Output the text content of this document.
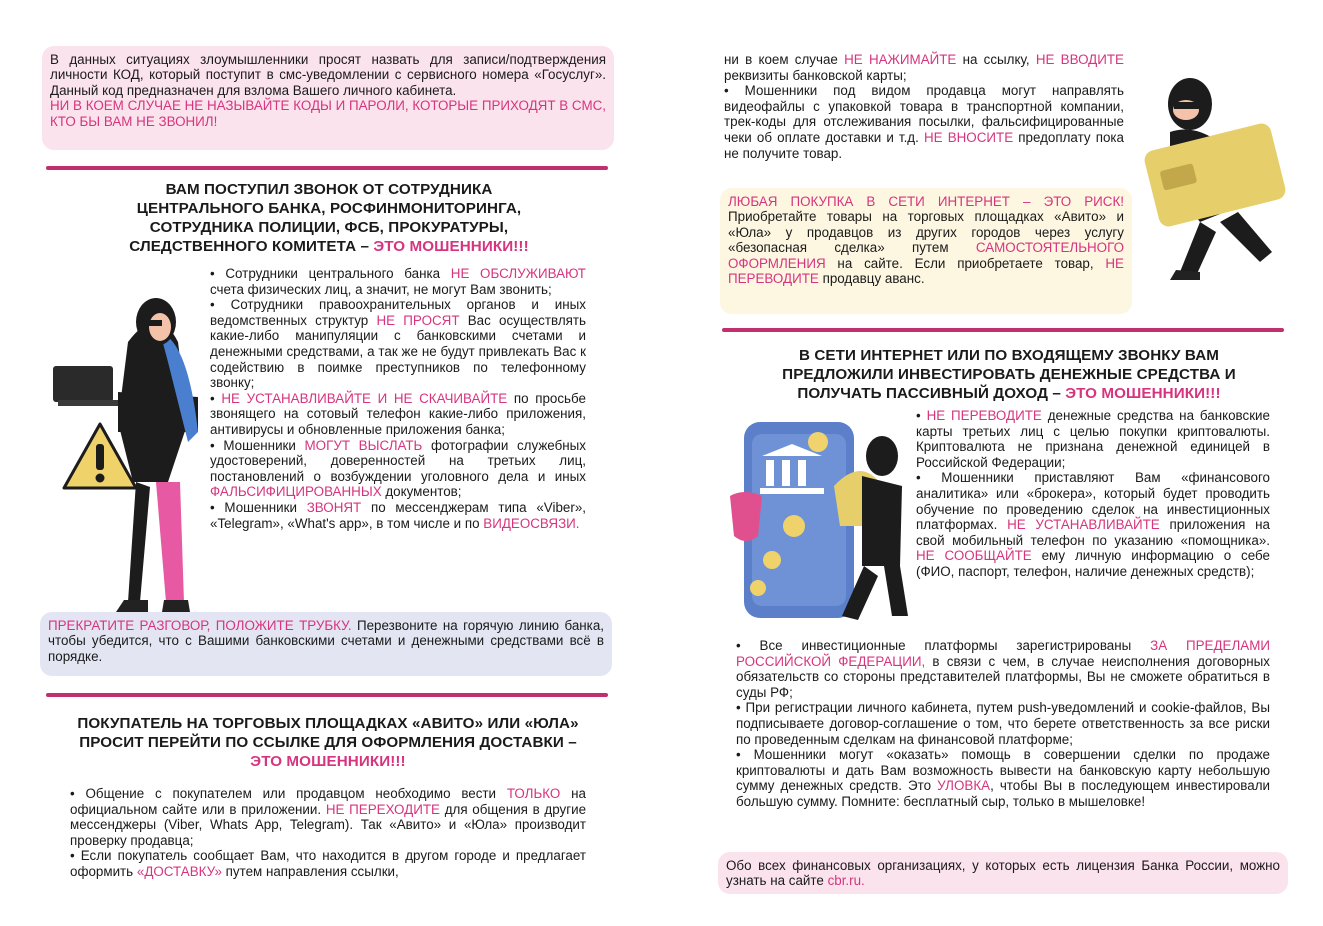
В данных ситуациях злоумышленники просят назвать для записи/подтверждения личности КОД, который поступит в смс-уведомлении с сервисного номера «Госуслуг». Данный код предназначен для взлома Вашего личного кабинета.
НИ В КОЕМ СЛУЧАЕ НЕ НАЗЫВАЙТЕ КОДЫ И ПАРОЛИ, КОТОРЫЕ ПРИХОДЯТ В СМС, КТО БЫ ВАМ НЕ ЗВОНИЛ!
ВАМ ПОСТУПИЛ ЗВОНОК ОТ СОТРУДНИКА ЦЕНТРАЛЬНОГО БАНКА, РОСФИНМОНИТОРИНГА, СОТРУДНИКА ПОЛИЦИИ, ФСБ, ПРОКУРАТУРЫ, СЛЕДСТВЕННОГО КОМИТЕТА – ЭТО МОШЕННИКИ!!!

• Сотрудники центрального банка НЕ ОБСЛУЖИВАЮТ счета физических лиц, а значит, не могут Вам звонить;

• Сотрудники правоохранительных органов и иных ведомственных структур НЕ ПРОСЯТ Вас осуществлять какие-либо манипуляции с банковскими счетами и денежными средствами, а так же не будут привлекать Вас к содействию в поимке преступников по телефонному звонку;

• НЕ УСТАНАВЛИВАЙТЕ И НЕ СКАЧИВАЙТЕ по просьбе звонящего на сотовый телефон какие-либо приложения, антивирусы и обновленные приложения банка;

• Мошенники МОГУТ ВЫСЛАТЬ фотографии служебных удостоверений, доверенностей на третьих лиц, постановлений о возбуждении уголовного дела и иных ФАЛЬСИФИЦИРОВАННЫХ документов;

• Мошенники ЗВОНЯТ по мессенджерам типа «Viber», «Telegram», «What's app», в том числе и по ВИДЕОСВЯЗИ.

ПРЕКРАТИТЕ РАЗГОВОР, ПОЛОЖИТЕ ТРУБКУ. Перезвоните на горячую линию банка, чтобы убедится, что с Вашими банковскими счетами и денежными средствами всё в порядке.
ПОКУПАТЕЛЬ НА ТОРГОВЫХ ПЛОЩАДКАХ «АВИТО» ИЛИ «ЮЛА» ПРОСИТ ПЕРЕЙТИ ПО ССЫЛКЕ ДЛЯ ОФОРМЛЕНИЯ ДОСТАВКИ – ЭТО МОШЕННИКИ!!!

• Общение с покупателем или продавцом необходимо вести ТОЛЬКО на официальном сайте или в приложении. НЕ ПЕРЕХОДИТЕ для общения в другие мессенджеры (Viber, Whats App, Telegram). Так «Авито» и «Юла» производит проверку продавца;

• Если покупатель сообщает Вам, что находится в другом городе и предлагает оформить «ДОСТАВКУ» путем направления ссылки,

ни в коем случае НЕ НАЖИМАЙТЕ на ссылку, НЕ ВВОДИТЕ реквизиты банковской карты;

• Мошенники под видом продавца могут направлять видеофайлы с упаковкой товара в транспортной компании, трек-коды для отслеживания посылки, фальсифицированные чеки об оплате доставки и т.д. НЕ ВНОСИТЕ предоплату пока не получите товар.

ЛЮБАЯ ПОКУПКА В СЕТИ ИНТЕРНЕТ – ЭТО РИСК! Приобретайте товары на торговых площадках «Авито» и «Юла» у продавцов из других городов через услугу «безопасная сделка» путем САМОСТОЯТЕЛЬНОГО ОФОРМЛЕНИЯ на сайте. Если приобретаете товар, НЕ ПЕРЕВОДИТЕ продавцу аванс.
В СЕТИ ИНТЕРНЕТ ИЛИ ПО ВХОДЯЩЕМУ ЗВОНКУ ВАМ ПРЕДЛОЖИЛИ ИНВЕСТИРОВАТЬ ДЕНЕЖНЫЕ СРЕДСТВА И ПОЛУЧАТЬ ПАССИВНЫЙ ДОХОД – ЭТО МОШЕННИКИ!!!

• НЕ ПЕРЕВОДИТЕ денежные средства на банковские карты третьих лиц с целью покупки криптовалюты. Криптовалюта не признана денежной единицей в Российской Федерации;

• Мошенники приставляют Вам «финансового аналитика» или «брокера», который будет проводить обучение по проведению сделок на инвестиционных платформах. НЕ УСТАНАВЛИВАЙТЕ приложения на свой мобильный телефон по указанию «помощника». НЕ СООБЩАЙТЕ ему личную информацию о себе (ФИО, паспорт, телефон, наличие денежных средств);

• Все инвестиционные платформы зарегистрированы ЗА ПРЕДЕЛАМИ РОССИЙСКОЙ ФЕДЕРАЦИИ, в связи с чем, в случае неисполнения договорных обязательств со стороны представителей платформы, Вы не сможете обратиться в суды РФ;

• При регистрации личного кабинета, путем push-уведомлений и cookie-файлов, Вы подписываете договор-соглашение о том, что берете ответственность за все риски по проведенным сделкам на финансовой платформе;

• Мошенники могут «оказать» помощь в совершении сделки по продаже криптовалюты и дать Вам возможность вывести на банковскую карту небольшую сумму денежных средств. Это УЛОВКА, чтобы Вы в последующем инвестировали большую сумму. Помните: бесплатный сыр, только в мышеловке!

Обо всех финансовых организациях, у которых есть лицензия Банка России, можно узнать на сайте cbr.ru.
